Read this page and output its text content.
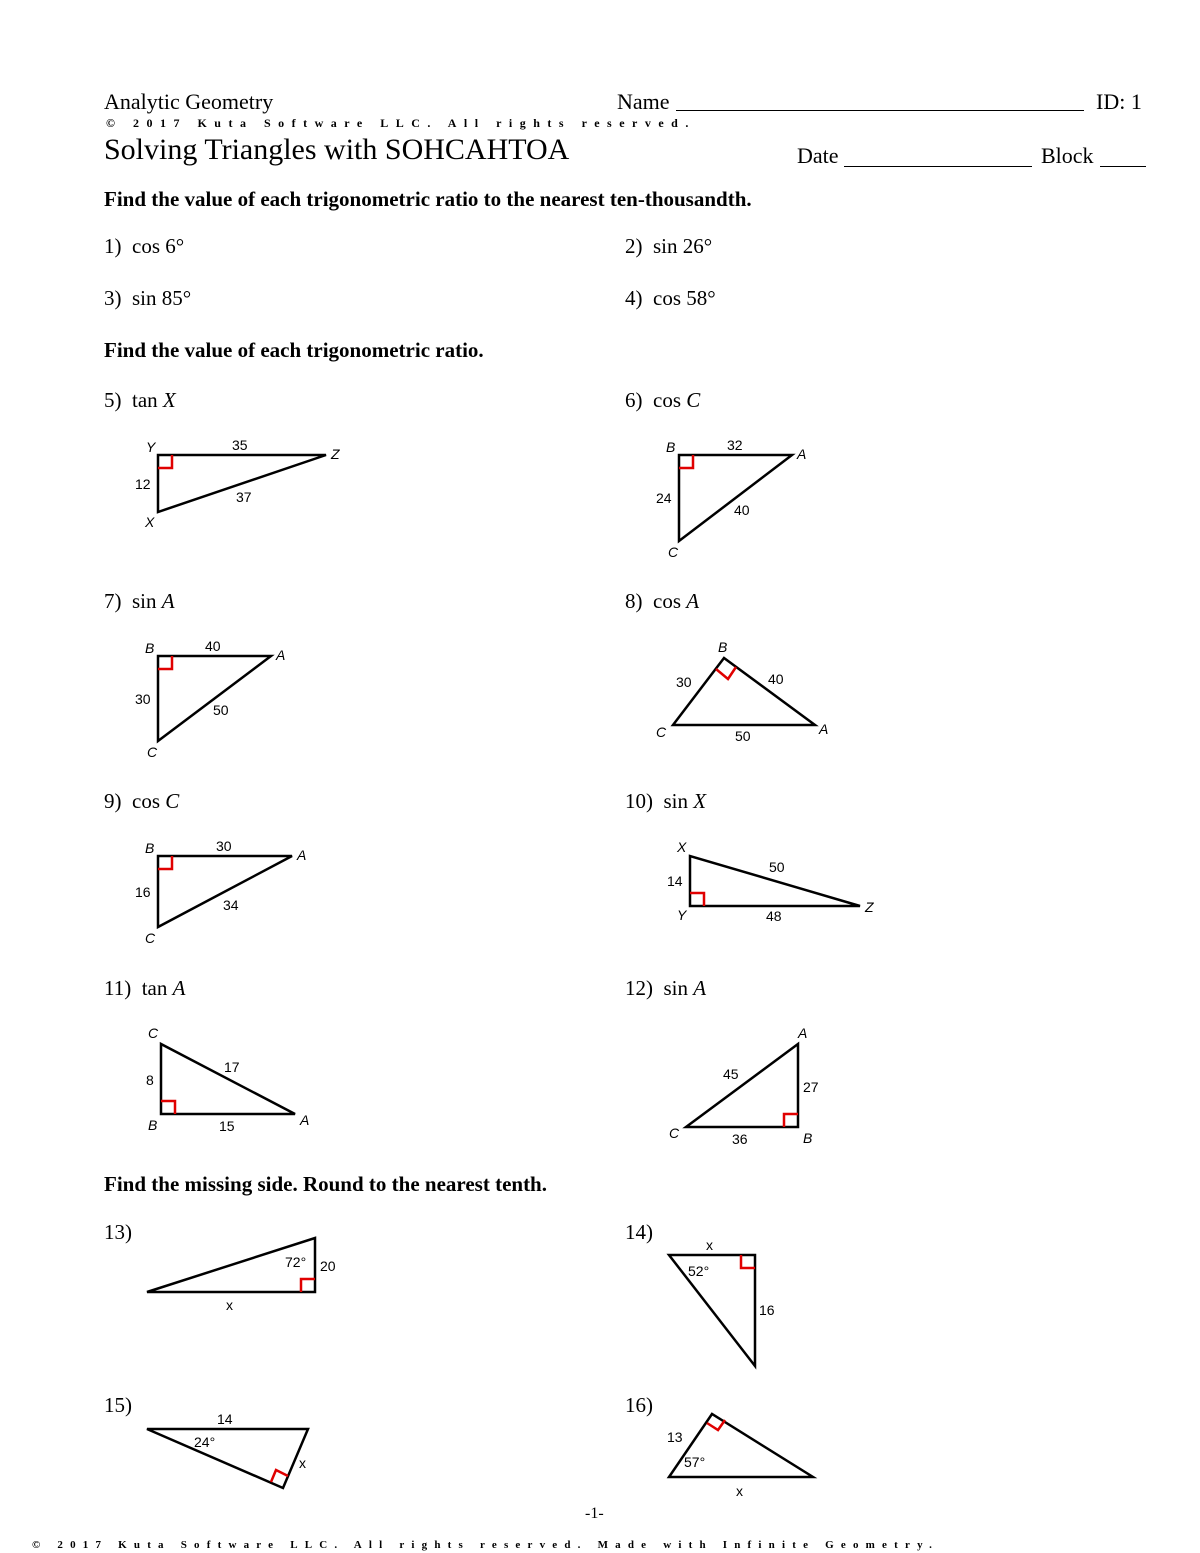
Analytic Geometry	Name	ID: 1
© 2017 Kuta Software LLC. All rights reserved.
Solving Triangles with SOHCAHTOA	Date	Block
Find the value of each trigonometric ratio to the nearest ten-thousandth.
1) cos 6°	2) sin 26°
3) sin 85°	4) cos 58°
Find the value of each trigonometric ratio.
5) tan X
Y	Z
X
35
12
37
B	A
C
32
24
40
B	A
C
40
30
50
B
C	A
30	40
50
B	A
C
30
16
34
X
Y	Z
50
14
48
C
B	A
17
8
15
A
C	B
45
27
36
72° 20
x
52°
16
x
24°
14
x	57°
13
x
6) cos C
7) sin A	8) cos A
9) cos C	10) sin X
11) tan A	12) sin A
Find the missing side. Round to the nearest tenth.
13)	14)
15)	16)
-1-
© 2017 Kuta Software LLC. All rights reserved. Made with Infinite Geometry.
